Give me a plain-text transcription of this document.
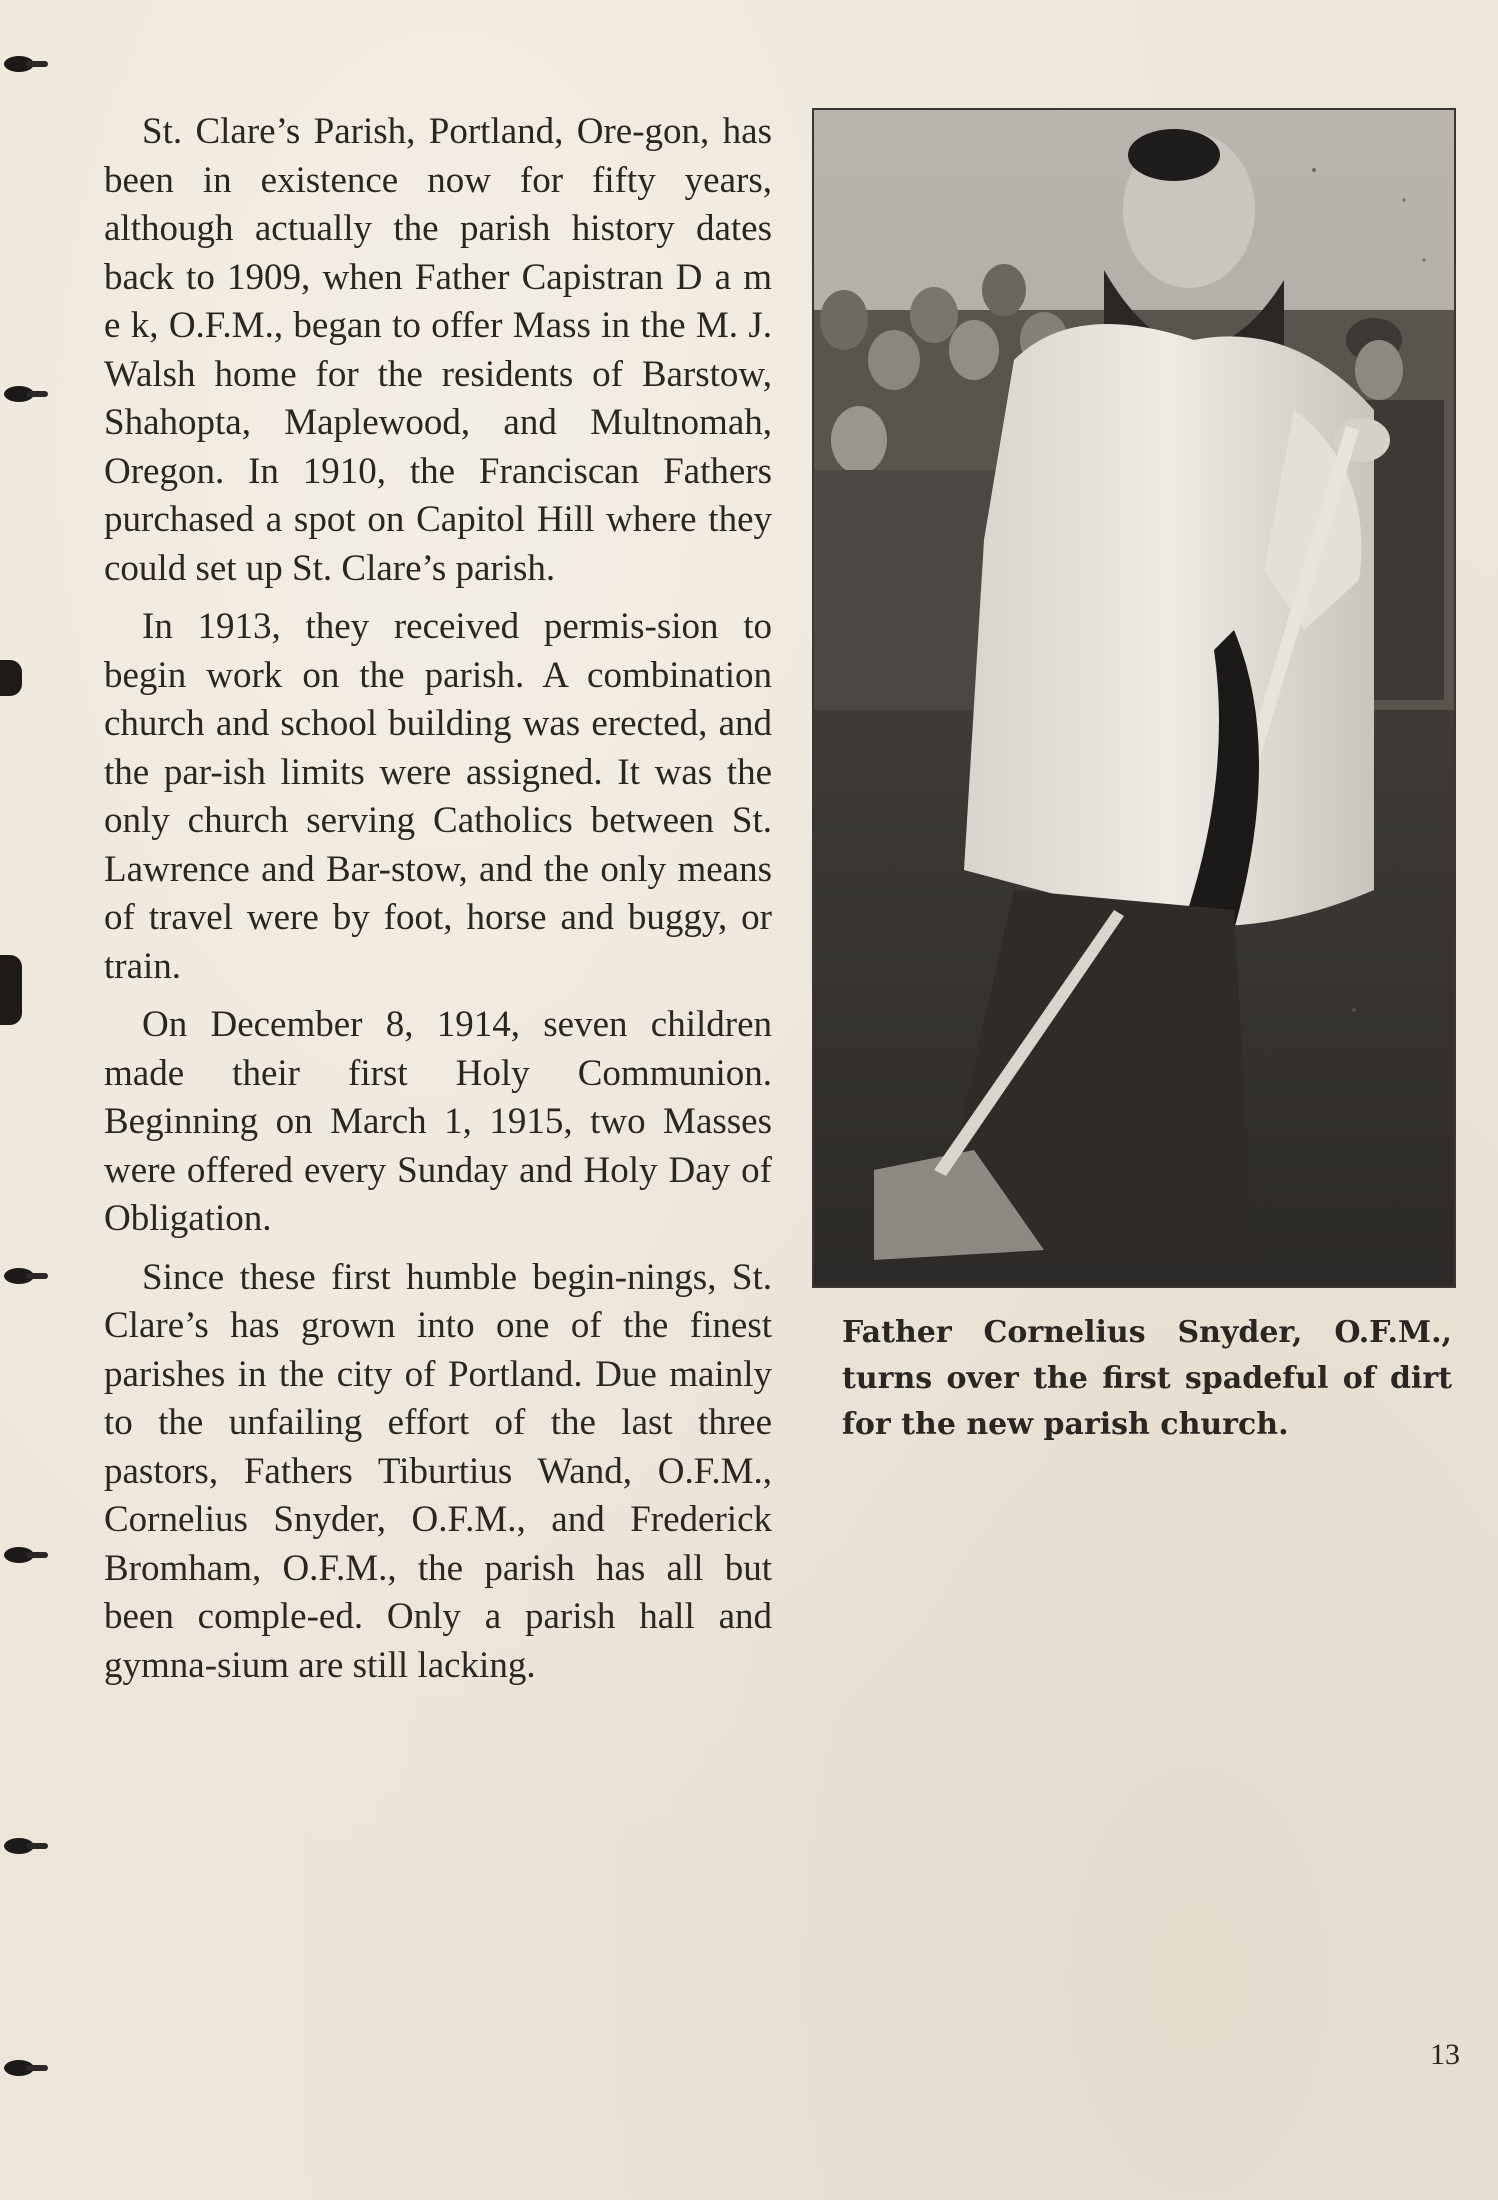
St. Clare’s Parish, Portland, Ore-gon, has been in existence now for fifty years, although actually the parish history dates back to 1909, when Father Capistran D a m e k, O.F.M., began to offer Mass in the M. J. Walsh home for the residents of Barstow, Shahopta, Maplewood, and Multnomah, Oregon. In 1910, the Franciscan Fathers purchased a spot on Capitol Hill where they could set up St. Clare’s parish.

In 1913, they received permis-sion to begin work on the parish. A combination church and school building was erected, and the par-ish limits were assigned. It was the only church serving Catholics between St. Lawrence and Bar-stow, and the only means of travel were by foot, horse and buggy, or train.

On December 8, 1914, seven children made their first Holy Communion. Beginning on March 1, 1915, two Masses were offered every Sunday and Holy Day of Obligation.

Since these first humble begin-nings, St. Clare’s has grown into one of the finest parishes in the city of Portland. Due mainly to the unfailing effort of the last three pastors, Fathers Tiburtius Wand, O.F.M., Cornelius Snyder, O.F.M., and Frederick Bromham, O.F.M., the parish has all but been comple-ed. Only a parish hall and gymna-sium are still lacking.

Father Cornelius Snyder, O.F.M., turns over the first spadeful of dirt for the new parish church.
13
